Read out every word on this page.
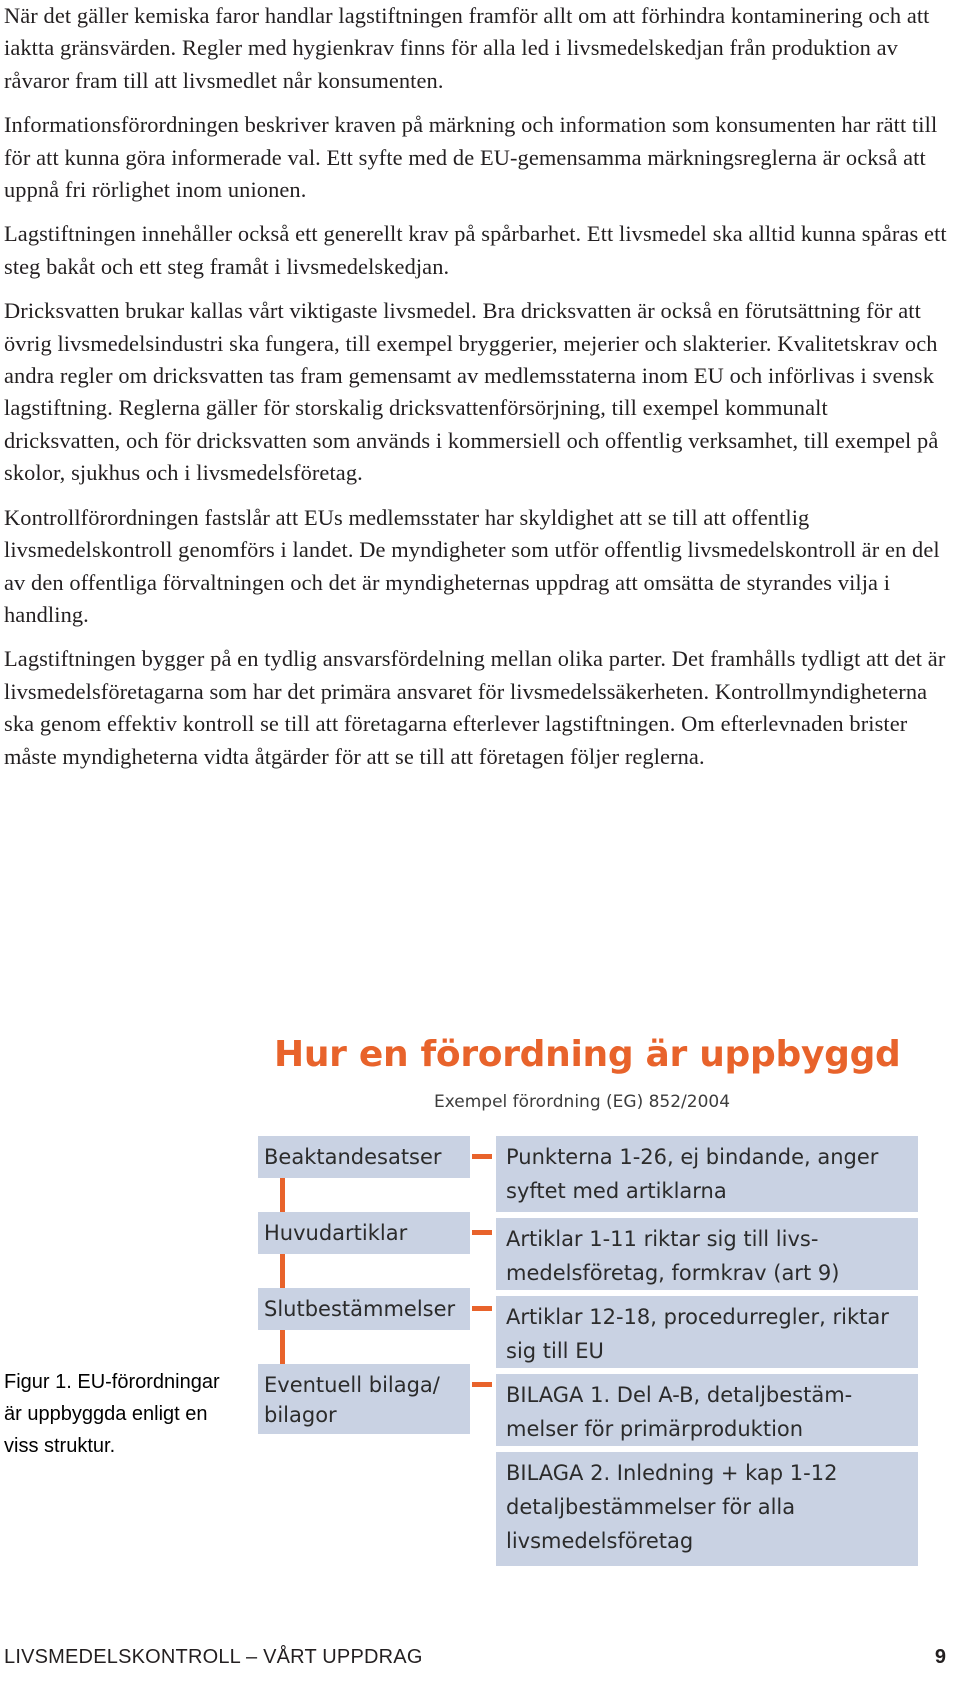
När det gäller kemiska faror handlar lagstiftningen framför allt om att förhindra kontaminering och att iaktta gränsvärden. Regler med hygienkrav finns för alla led i livsmedelskedjan från produktion av råvaror fram till att livsmedlet når konsumenten.

Informationsförordningen beskriver kraven på märkning och information som konsumenten har rätt till för att kunna göra informerade val. Ett syfte med de EU-gemensamma märkningsreglerna är också att uppnå fri rörlighet inom unionen.

Lagstiftningen innehåller också ett generellt krav på spårbarhet. Ett livsmedel ska alltid kunna spåras ett steg bakåt och ett steg framåt i livsmedelskedjan.

Dricksvatten brukar kallas vårt viktigaste livsmedel. Bra dricksvatten är också en förutsättning för att övrig livsmedelsindustri ska fungera, till exempel bryggerier, mejerier och slakterier. Kvalitetskrav och andra regler om dricksvatten tas fram gemensamt av medlemsstaterna inom EU och införlivas i svensk lagstiftning. Reglerna gäller för storskalig dricksvattenförsörjning, till exempel kommunalt dricksvatten, och för dricksvatten som används i kommersiell och offentlig verksamhet, till exempel på skolor, sjukhus och i livsmedelsföretag.

Kontrollförordningen fastslår att EUs medlemsstater har skyldighet att se till att offentlig livsmedelskontroll genomförs i landet. De myndigheter som utför offentlig livsmedelskontroll är en del av den offentliga förvaltningen och det är myndigheternas uppdrag att omsätta de styrandes vilja i handling.

Lagstiftningen bygger på en tydlig ansvarsfördelning mellan olika parter. Det framhålls tydligt att det är livsmedelsföretagarna som har det primära ansvaret för livsmedelssäkerheten. Kontrollmyndigheterna ska genom effektiv kontroll se till att företagarna efterlever lagstiftningen. Om efterlevnaden brister måste myndigheterna vidta åtgärder för att se till att företagen följer reglerna.

Hur en förordning är uppbyggd
Exempel förordning (EG) 852/2004
Beaktandesatser
Huvudartiklar
Slutbestämmelser
Eventuell bilaga/ bilagor
Punkterna 1-26, ej bindande, anger syftet med artiklarna
Artiklar 1-11 riktar sig till livs-medelsföretag, formkrav (art 9)
Artiklar 12-18, procedurregler, riktar sig till EU
BILAGA 1. Del A-B, detaljbestäm-melser för primärproduktion
BILAGA 2. Inledning + kap 1-12 detaljbestämmelser för alla livsmedelsföretag
Figur 1. EU-förordningar är uppbyggda enligt en viss struktur.
LIVSMEDELSKONTROLL – VÅRT UPPDRAG	9
